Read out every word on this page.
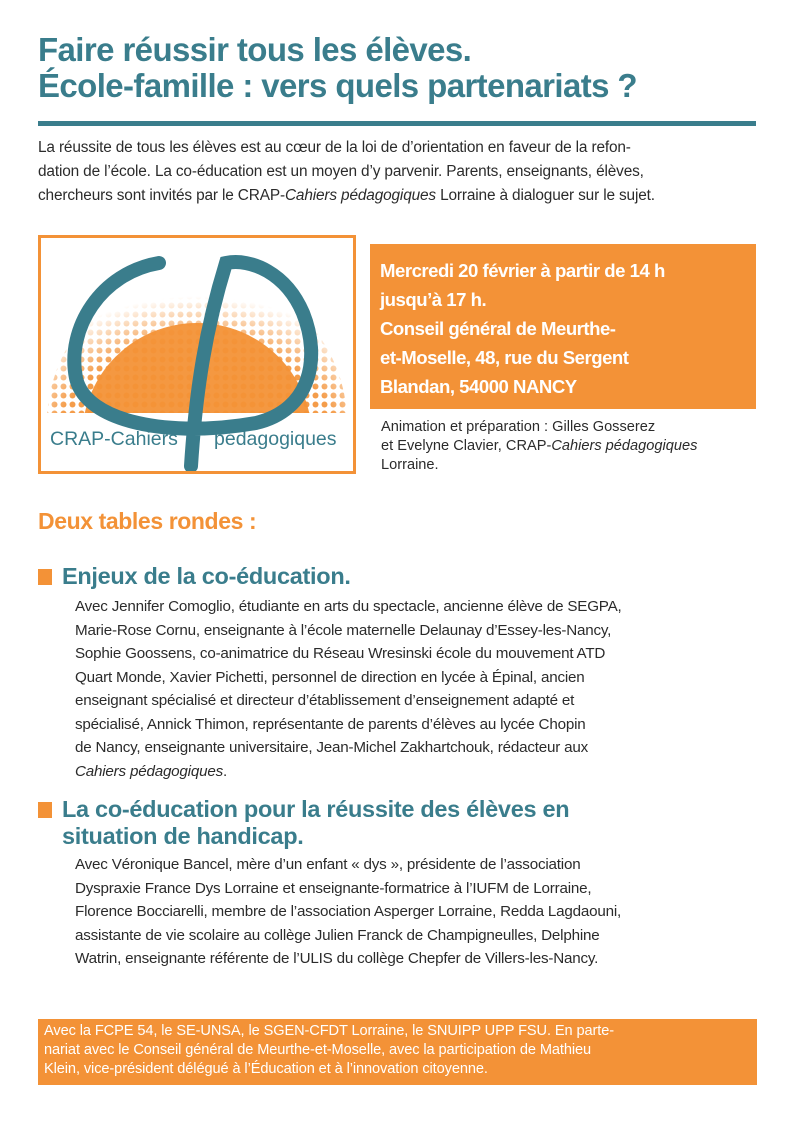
Faire réussir tous les élèves.
École-famille : vers quels partenariats ?
La réussite de tous les élèves est au cœur de la loi de d’orientation en faveur de la refon-
dation de l’école. La co-éducation est un moyen d’y parvenir. Parents, enseignants, élèves,
chercheurs sont invités par le CRAP-Cahiers pédagogiques Lorraine à dialoguer sur le sujet.
CRAP-Cahiers pédagogiques
Mercredi 20 février à partir de 14 h
jusqu’à 17 h.
Conseil général de Meurthe-
et-Moselle, 48, rue du Sergent
Blandan, 54000 NANCY
Animation et préparation : Gilles Gosserez
et Evelyne Clavier, CRAP-Cahiers pédagogiques
Lorraine.
Deux tables rondes :
Enjeux de la co-éducation.
Avec Jennifer Comoglio, étudiante en arts du spectacle, ancienne élève de SEGPA,
Marie-Rose Cornu, enseignante à l’école maternelle Delaunay d’Essey-les-Nancy,
Sophie Goossens, co-animatrice du Réseau Wresinski école du mouvement ATD
Quart Monde, Xavier Pichetti, personnel de direction en lycée à Épinal, ancien
enseignant spécialisé et directeur d’établissement d’enseignement adapté et
spécialisé, Annick Thimon, représentante de parents d’élèves au lycée Chopin
de Nancy, enseignante universitaire, Jean-Michel Zakhartchouk, rédacteur aux
Cahiers pédagogiques.
La co-éducation pour la réussite des élèves en
situation de handicap.
Avec Véronique Bancel, mère d’un enfant « dys », présidente de l’association
Dyspraxie France Dys Lorraine et enseignante-formatrice à l’IUFM de Lorraine,
Florence Bocciarelli, membre de l’association Asperger Lorraine, Redda Lagdaouni,
assistante de vie scolaire au collège Julien Franck de Champigneulles, Delphine
Watrin, enseignante référente de l’ULIS du collège Chepfer de Villers-les-Nancy.
Avec la FCPE 54, le SE-UNSA, le SGEN-CFDT Lorraine, le SNUIPP UPP FSU. En parte-
nariat avec le Conseil général de Meurthe-et-Moselle, avec la participation de Mathieu
Klein, vice-président délégué à l’Éducation et à l’innovation citoyenne.
